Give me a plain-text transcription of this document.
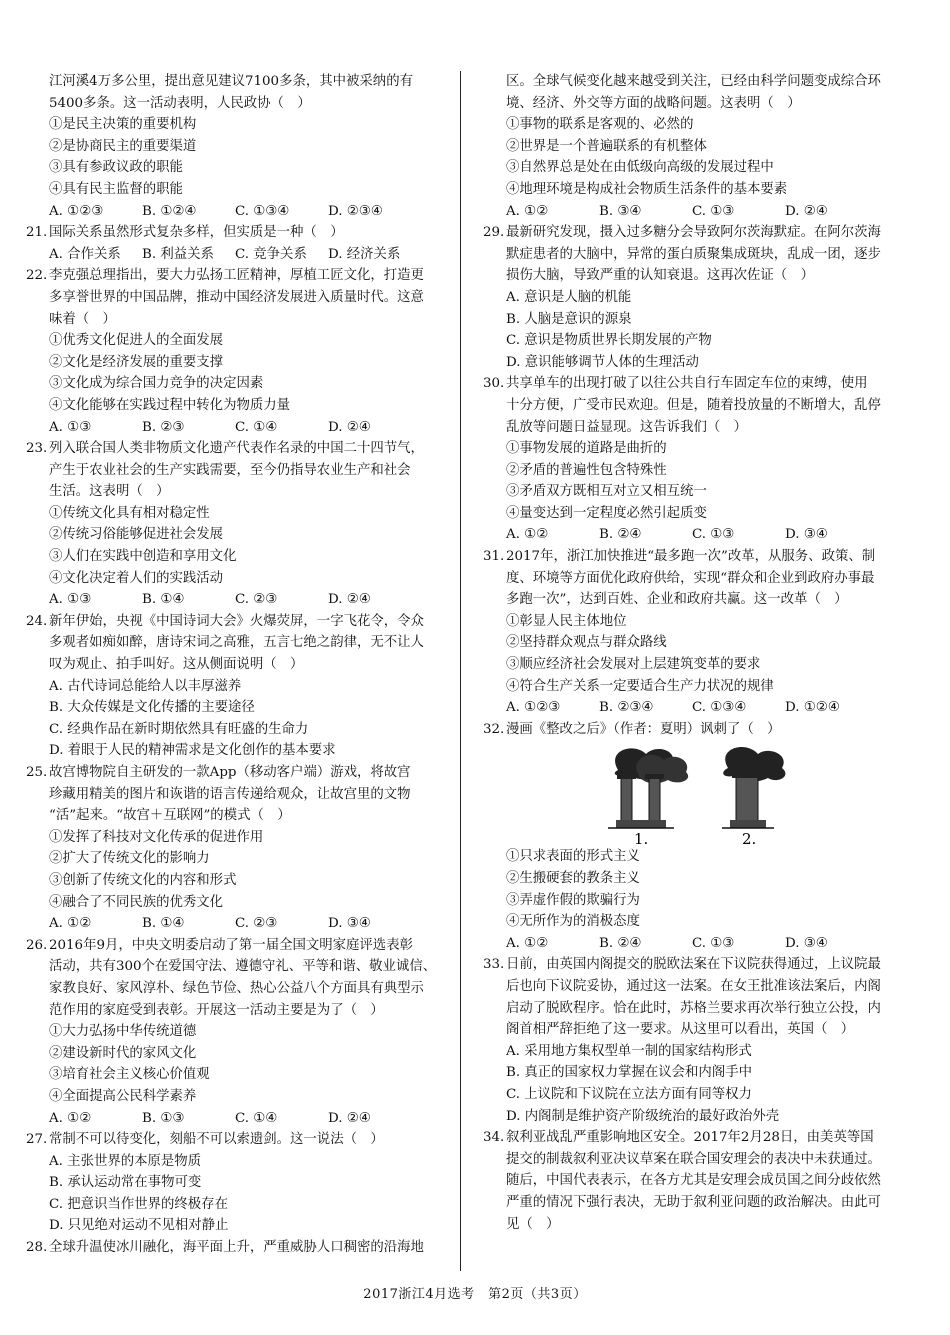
江河溪4万多公里，提出意见建议7100多条，其中被采纳的有
5400多条。这一活动表明，人民政协（　）
①是民主决策的重要机构
②是协商民主的重要渠道
③具有参政议政的职能
④具有民主监督的职能
A. ①②③	B. ①②④	C. ①③④	D. ②③④
21. 国际关系虽然形式复杂多样，但实质是一种（　）
A. 合作关系	B. 利益关系	C. 竞争关系	D. 经济关系
22. 李克强总理指出，要大力弘扬工匠精神，厚植工匠文化，打造更
多享誉世界的中国品牌，推动中国经济发展进入质量时代。这意
味着（　）
①优秀文化促进人的全面发展
②文化是经济发展的重要支撑
③文化成为综合国力竞争的决定因素
④文化能够在实践过程中转化为物质力量
A. ①③	B. ②③	C. ①④	D. ②④
23. 列入联合国人类非物质文化遗产代表作名录的中国二十四节气，
产生于农业社会的生产实践需要，至今仍指导农业生产和社会
生活。这表明（　）
①传统文化具有相对稳定性
②传统习俗能够促进社会发展
③人们在实践中创造和享用文化
④文化决定着人们的实践活动
A. ①③	B. ①④	C. ②③	D. ②④
24. 新年伊始，央视《中国诗词大会》火爆荧屏，一字飞花令，令众
多观者如痴如醉，唐诗宋词之高雅，五言七绝之韵律，无不让人
叹为观止、拍手叫好。这从侧面说明（　）
A. 古代诗词总能给人以丰厚滋养
B. 大众传媒是文化传播的主要途径
C. 经典作品在新时期依然具有旺盛的生命力
D. 着眼于人民的精神需求是文化创作的基本要求
25. 故宫博物院自主研发的一款App（移动客户端）游戏，将故宫
珍藏用精美的图片和诙谐的语言传递给观众，让故宫里的文物
“活”起来。“故宫＋互联网”的模式（　）
①发挥了科技对文化传承的促进作用
②扩大了传统文化的影响力
③创新了传统文化的内容和形式
④融合了不同民族的优秀文化
A. ①②	B. ①④	C. ②③	D. ③④
26. 2016年9月，中央文明委启动了第一届全国文明家庭评选表彰
活动，共有300个在爱国守法、遵德守礼、平等和谐、敬业诚信、
家教良好、家风淳朴、绿色节俭、热心公益八个方面具有典型示
范作用的家庭受到表彰。开展这一活动主要是为了（　）
①大力弘扬中华传统道德
②建设新时代的家风文化
③培育社会主义核心价值观
④全面提高公民科学素养
A. ①②	B. ①③	C. ①④	D. ②④
27. 常制不可以待变化，刻船不可以索遗剑。这一说法（　）
A. 主张世界的本原是物质
B. 承认运动常在事物可变
C. 把意识当作世界的终极存在
D. 只见绝对运动不见相对静止
28. 全球升温使冰川融化，海平面上升，严重威胁人口稠密的沿海地
区。全球气候变化越来越受到关注，已经由科学问题变成综合环
境、经济、外交等方面的战略问题。这表明（　）
①事物的联系是客观的、必然的
②世界是一个普遍联系的有机整体
③自然界总是处在由低级向高级的发展过程中
④地理环境是构成社会物质生活条件的基本要素
A. ①②	B. ③④	C. ①③	D. ②④
29. 最新研究发现，摄入过多糖分会导致阿尔茨海默症。在阿尔茨海
默症患者的大脑中，异常的蛋白质聚集成斑块，乱成一团，逐步
损伤大脑，导致严重的认知衰退。这再次佐证（　）
A. 意识是人脑的机能
B. 人脑是意识的源泉
C. 意识是物质世界长期发展的产物
D. 意识能够调节人体的生理活动
30. 共享单车的出现打破了以往公共自行车固定车位的束缚，使用
十分方便，广受市民欢迎。但是，随着投放量的不断增大，乱停
乱放等问题日益显现。这告诉我们（　）
①事物发展的道路是曲折的
②矛盾的普遍性包含特殊性
③矛盾双方既相互对立又相互统一
④量变达到一定程度必然引起质变
A. ①②	B. ②④	C. ①③	D. ③④
31. 2017年，浙江加快推进“最多跑一次”改革，从服务、政策、制
度、环境等方面优化政府供给，实现“群众和企业到政府办事最
多跑一次”，达到百姓、企业和政府共赢。这一改革（　）
①彰显人民主体地位
②坚持群众观点与群众路线
③顺应经济社会发展对上层建筑变革的要求
④符合生产关系一定要适合生产力状况的规律
A. ①②③	B. ②③④	C. ①③④	D. ①②④
32. 漫画《整改之后》（作者：夏明）讽刺了（　）
1.	2.
①只求表面的形式主义
②生搬硬套的教条主义
③弄虚作假的欺骗行为
④无所作为的消极态度
A. ①②	B. ②④	C. ①③	D. ③④
33. 日前，由英国内阁提交的脱欧法案在下议院获得通过，上议院最
后也向下议院妥协，通过这一法案。在女王批准该法案后，内阁
启动了脱欧程序。恰在此时，苏格兰要求再次举行独立公投，内
阁首相严辞拒绝了这一要求。从这里可以看出，英国（　）
A. 采用地方集权型单一制的国家结构形式
B. 真正的国家权力掌握在议会和内阁手中
C. 上议院和下议院在立法方面有同等权力
D. 内阁制是维护资产阶级统治的最好政治外壳
34. 叙利亚战乱严重影响地区安全。2017年2月28日，由美英等国
提交的制裁叙利亚决议草案在联合国安理会的表决中未获通过。
随后，中国代表表示，在各方尤其是安理会成员国之间分歧依然
严重的情况下强行表决，无助于叙利亚问题的政治解决。由此可
见（　）
2017浙江4月选考　第2页（共3页）
